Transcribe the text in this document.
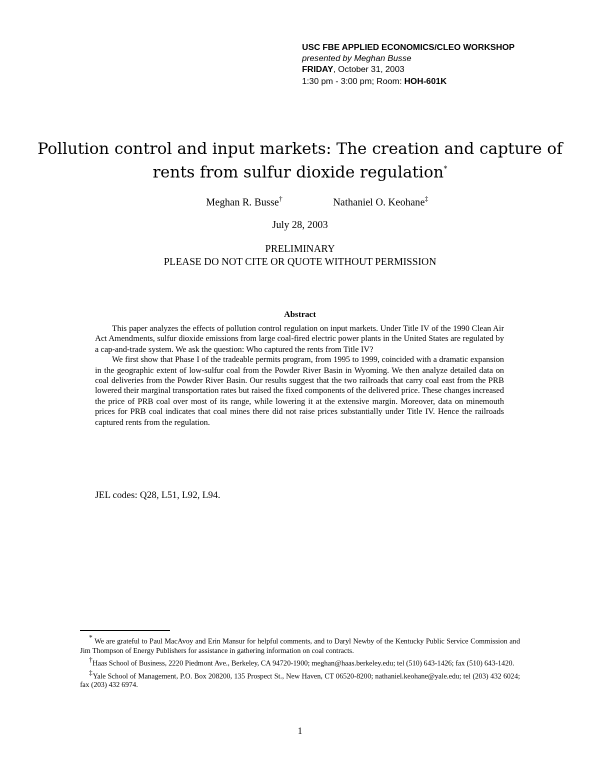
USC FBE APPLIED ECONOMICS/CLEO WORKSHOP
presented by Meghan Busse
FRIDAY, October 31, 2003
1:30 pm - 3:00 pm; Room: HOH-601K
Pollution control and input markets: The creation and capture of
rents from sulfur dioxide regulation*
Meghan R. Busse†	Nathaniel O. Keohane‡
July 28, 2003
PRELIMINARY
PLEASE DO NOT CITE OR QUOTE WITHOUT PERMISSION
Abstract

This paper analyzes the effects of pollution control regulation on input markets. Under Title IV of the 1990 Clean Air Act Amendments, sulfur dioxide emissions from large coal-fired electric power plants in the United States are regulated by a cap-and-trade system. We ask the question: Who captured the rents from Title IV?

We first show that Phase I of the tradeable permits program, from 1995 to 1999, coincided with a dramatic expansion in the geographic extent of low-sulfur coal from the Powder River Basin in Wyoming. We then analyze detailed data on coal deliveries from the Powder River Basin. Our results suggest that the two railroads that carry coal east from the PRB lowered their marginal transportation rates but raised the fixed components of the delivered price. These changes increased the price of PRB coal over most of its range, while lowering it at the extensive margin. Moreover, data on minemouth prices for PRB coal indicates that coal mines there did not raise prices substantially under Title IV. Hence the railroads captured rents from the regulation.

JEL codes: Q28, L51, L92, L94.

* We are grateful to Paul MacAvoy and Erin Mansur for helpful comments, and to Daryl Newby of the Kentucky Public Service Commission and Jim Thompson of Energy Publishers for assistance in gathering information on coal contracts.

†Haas School of Business, 2220 Piedmont Ave., Berkeley, CA 94720-1900; meghan@haas.berkeley.edu; tel (510) 643-1426; fax (510) 643-1420.

‡Yale School of Management, P.O. Box 208200, 135 Prospect St., New Haven, CT 06520-8200; nathaniel.keohane@yale.edu; tel (203) 432 6024; fax (203) 432 6974.

1
